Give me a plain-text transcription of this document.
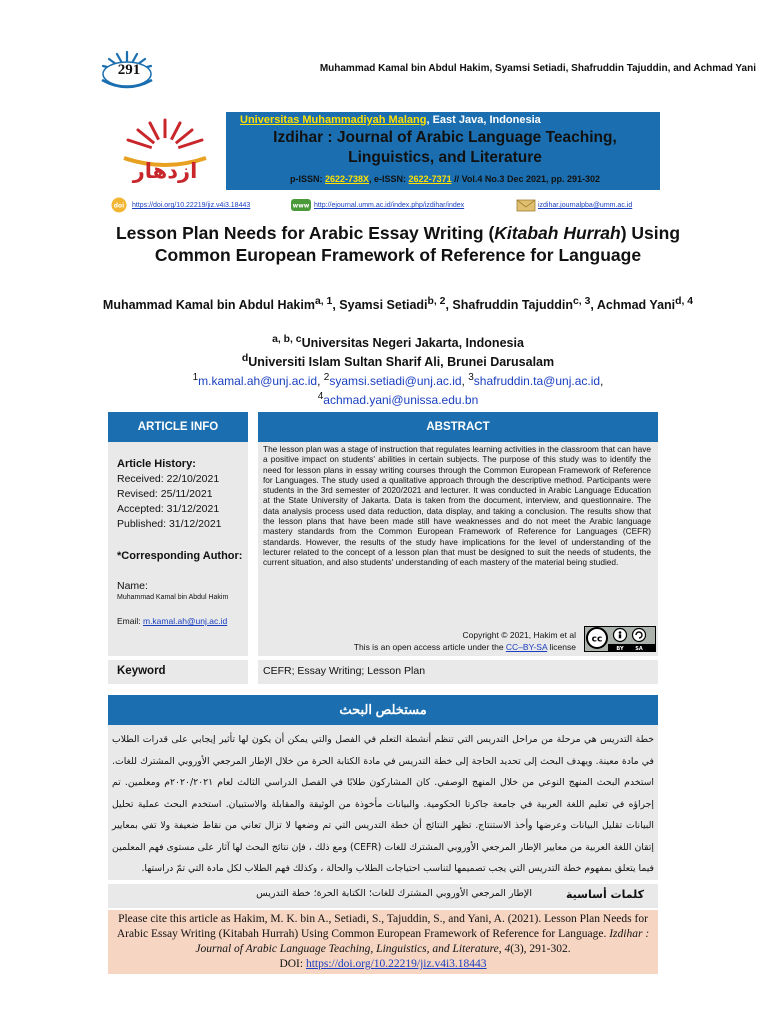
291	Muhammad Kamal bin Abdul Hakim, Syamsi Setiadi, Shafruddin Tajuddin, and Achmad Yani
ازدهار
Universitas Muhammadiyah Malang, East Java, Indonesia
Izdihar : Journal of Arabic Language Teaching,
Linguistics, and Literature
p-ISSN: 2622-738X, e-ISSN: 2622-7371 // Vol.4 No.3 Dec 2021, pp. 291-302
doi https://doi.org/10.22219/jiz.v4i3.18443	www http://ejournal.umm.ac.id/index.php/izdihar/index	izdihar.journalpba@umm.ac.id
Lesson Plan Needs for Arabic Essay Writing (Kitabah Hurrah) Using Common European Framework of Reference for Language
Muhammad Kamal bin Abdul Hakim$^{a, 1}$, Syamsi Setiadi$^{b, 2}$, Shafruddin Tajuddin$^{c, 3}$, Achmad Yani$^{d, 4}$
$^{a, b, c}$Universitas Negeri Jakarta, Indonesia
$^d$Universiti Islam Sultan Sharif Ali, Brunei Darusalam
$^1$m.kamal.ah@unj.ac.id, $^2$syamsi.setiadi@unj.ac.id, $^3$shafruddin.ta@unj.ac.id,
$^4$achmad.yani@unissa.edu.bn
ARTICLE INFO
Article History:
Received: 22/10/2021
Revised: 25/11/2021
Accepted: 31/12/2021
Published: 31/12/2021
*Corresponding Author:
Name:
Muhammad Kamal bin Abdul Hakim
Email: m.kamal.ah@unj.ac.id
ABSTRACT
The lesson plan was a stage of instruction that regulates learning activities in the classroom that can have a positive impact on students' abilities in certain subjects. The purpose of this study was to identify the need for lesson plans in essay writing courses through the Common European Framework of Reference for Languages. The study used a qualitative approach through the descriptive method. Participants were students in the 3rd semester of 2020/2021 and lecturer. It was conducted in Arabic Language Education at the State University of Jakarta. Data is taken from the document, interview, and questionnaire. The data analysis process used data reduction, data display, and taking a conclusion. The results show that the lesson plans that have been made still have weaknesses and do not meet the Arabic language mastery standards from the Common European Framework of Reference for Languages (CEFR) standards. However, the results of the study have implications for the level of understanding of the lecturer related to the concept of a lesson plan that must be designed to suit the needs of students, the current situation, and also students' understanding of each mastery of the material being studied.
Copyright © 2021, Hakim et al
This is an open access article under the CC–BY-SA license
cc
BY SA
Keyword	CEFR; Essay Writing; Lesson Plan
مستخلص البحث
خطة التدريس هي مرحلة من مراحل التدريس التي تنظم أنشطة التعلم في الفصل والتي يمكن أن يكون لها تأثير إيجابي على قدرات الطلاب في مادة معينة. ويهدف البحث إلى تحديد الحاجة إلى خطة التدريس في مادة الكتابة الحرة من خلال الإطار المرجعي الأوروبي المشترك للغات. استخدم البحث المنهج النوعي من خلال المنهج الوصفي. كان المشاركون طلابًا في الفصل الدراسي الثالث لعام ٢٠٢٠/٢٠٢١م ومعلمين. تم إجراؤه في تعليم اللغة العربية في جامعة جاكرتا الحكومية. والبيانات مأخوذة من الوثيقة والمقابلة والاستبيان. استخدم البحث عملية تحليل البيانات تقليل البيانات وعرضها وأخذ الاستنتاج. تظهر النتائج أن خطة التدريس التي تم وضعها لا تزال تعاني من نقاط ضعيفة ولا تفي بمعايير إتقان اللغة العربية من معايير الإطار المرجعي الأوروبي المشترك للغات (CEFR) ومع ذلك ، فإن نتائج البحث لها آثار على مستوى فهم المعلمين فيما يتعلق بمفهوم خطة التدريس التي يجب تصميمها لتناسب احتياجات الطلاب والحالة ، وكذلك فهم الطلاب لكل مادة التي تمّ دراستها.
كلمات أساسية
الإطار المرجعي الأوروبي المشترك للغات؛ الكتابة الحرة؛ خطة التدريس
Please cite this article as Hakim, M. K. bin A., Setiadi, S., Tajuddin, S., and Yani, A. (2021). Lesson Plan Needs for Arabic Essay Writing (Kitabah Hurrah) Using Common European Framework of Reference for Language. Izdihar : Journal of Arabic Language Teaching, Linguistics, and Literature, 4(3), 291-302.
DOI: https://doi.org/10.22219/jiz.v4i3.18443
